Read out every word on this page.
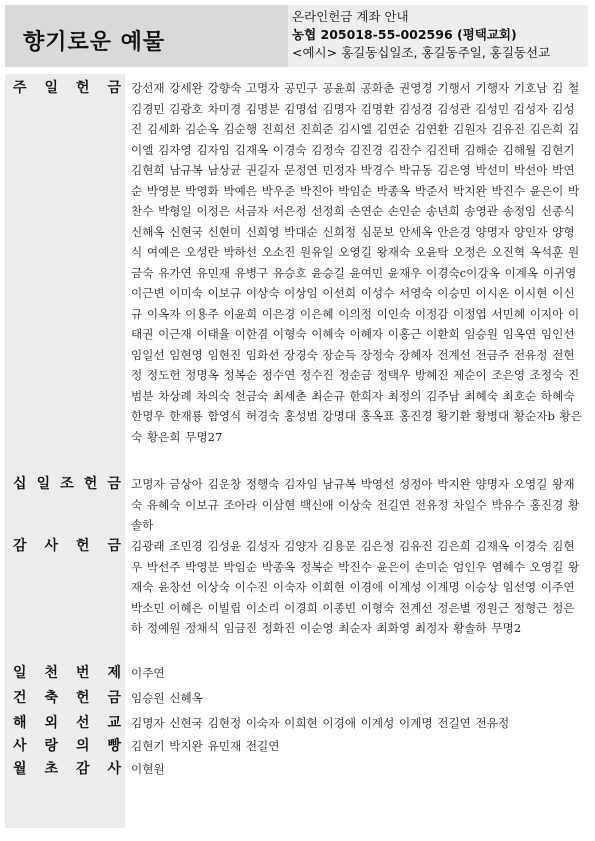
향기로운 예물
온라인헌금 계좌 안내
농협 205018-55-002596 (평택교회)
<예시> 홍길동십일조, 홍길동주일, 홍길동선교
주 일 헌 금 강선재 강세완 강향숙 고명자 공민구 공윤희 공화춘 권영경 기행서 기행자 기호남 김 철 김경민 김광호 차미경 김명분 김명섭 김명자 김명환 김성경 김성관 김성민 김성자 김성진 김세화 김순옥 김순행 진희선 진희준 김시엘 김연순 김연환 김원자 김유진 김은희 김이엘 김자영 김자임 김재옥 이경숙 김정숙 김진경 김진수 김진태 김해순 김해월 김현기 김현희 남규복 남상균 권길자 문정연 민정자 박경수 박규동 김은영 박선미 박선아 박연순 박영분 박영화 박예은 박우준 박진아 박임순 박종옥 박준서 박지완 박진수 윤은이 박찬수 박형일 이정은 서금자 서은정 선정희 손연순 손인순 송년희 송영관 송정임 신종식 신해옥 신현국 신현미 신희영 박대순 신희정 심문보 안세옥 안은경 양명자 양인자 양형식 여예은 오성란 박하선 오소진 원유일 오영길 왕재숙 오윤탁 오정은 오진혁 옥석훈 원금숙 유가연 유민재 유병구 유승호 윤승길 윤여민 윤재우 이경숙c이강옥 이계옥 이귀영 이근변 이미숙 이보규 이상숙 이상임 이선희 이성수 서영숙 이승민 이시온 이시현 이신규 이옥자 이용주 이윤희 이은경 이은혜 이의정 이인숙 이정감 이정엽 서민혜 이지아 이태권 이근재 이태율 이한겸 이형숙 이혜숙 이혜자 이홍근 이환희 임승원 임옥연 임인선 임일선 임현영 임현진 임화선 장경숙 장순득 장정숙 장혜자 전계선 전금주 전유정 전현정 정도헌 정명옥 정복순 정수연 정수진 정순금 정택우 방혜진 제순이 조은영 조정숙 진범분 차상례 차의숙 천금숙 최세춘 최순규 한희자 최정의 김주남 최혜숙 최호순 하혜숙 한명우 한재룡 함영식 허경숙 홍성범 강명대 홍옥표 홍진경 황기환 황병대 황순자b 황은숙 황은희 무명27
십 일 조 헌 금 고명자 금상아 김운창 정행숙 김자임 남규복 박영선 성정아 박지완 양명자 오영길 왕재숙 유혜숙 이보규 조아라 이삼현 백신애 이상숙 전길연 전유정 차일수 박유수 홍진경 황솔하
감 사 헌 금 김광래 조민경 김성윤 김성자 김양자 김용문 김은정 김유진 김은희 김재옥 이경숙 김현우 박선주 박영분 박임순 박종옥 정복순 박진수 윤은이 손미순 엄인우 염혜수 오영길 왕재숙 윤창선 이상숙 이수진 이숙자 이희현 이경애 이계성 이계명 이승상 임선영 이주연 박소민 이혜은 이빌립 이소리 이경희 이종빈 이형숙 전계선 정은별 정원근 정형근 정은하 정예원 정채식 임금진 정화진 이순영 최순자 최화영 최정자 황솔하 무명2
일 천 번 제 이주연
건 축 헌 금 임승원 신혜옥
해 외 선 교 김명자 신현국 김현정 이숙자 이희현 이경애 이계성 이계명 전길연 전유정
사 랑 의 빵 김현기 박지완 유민재 전길연
월 초 감 사 이현원
